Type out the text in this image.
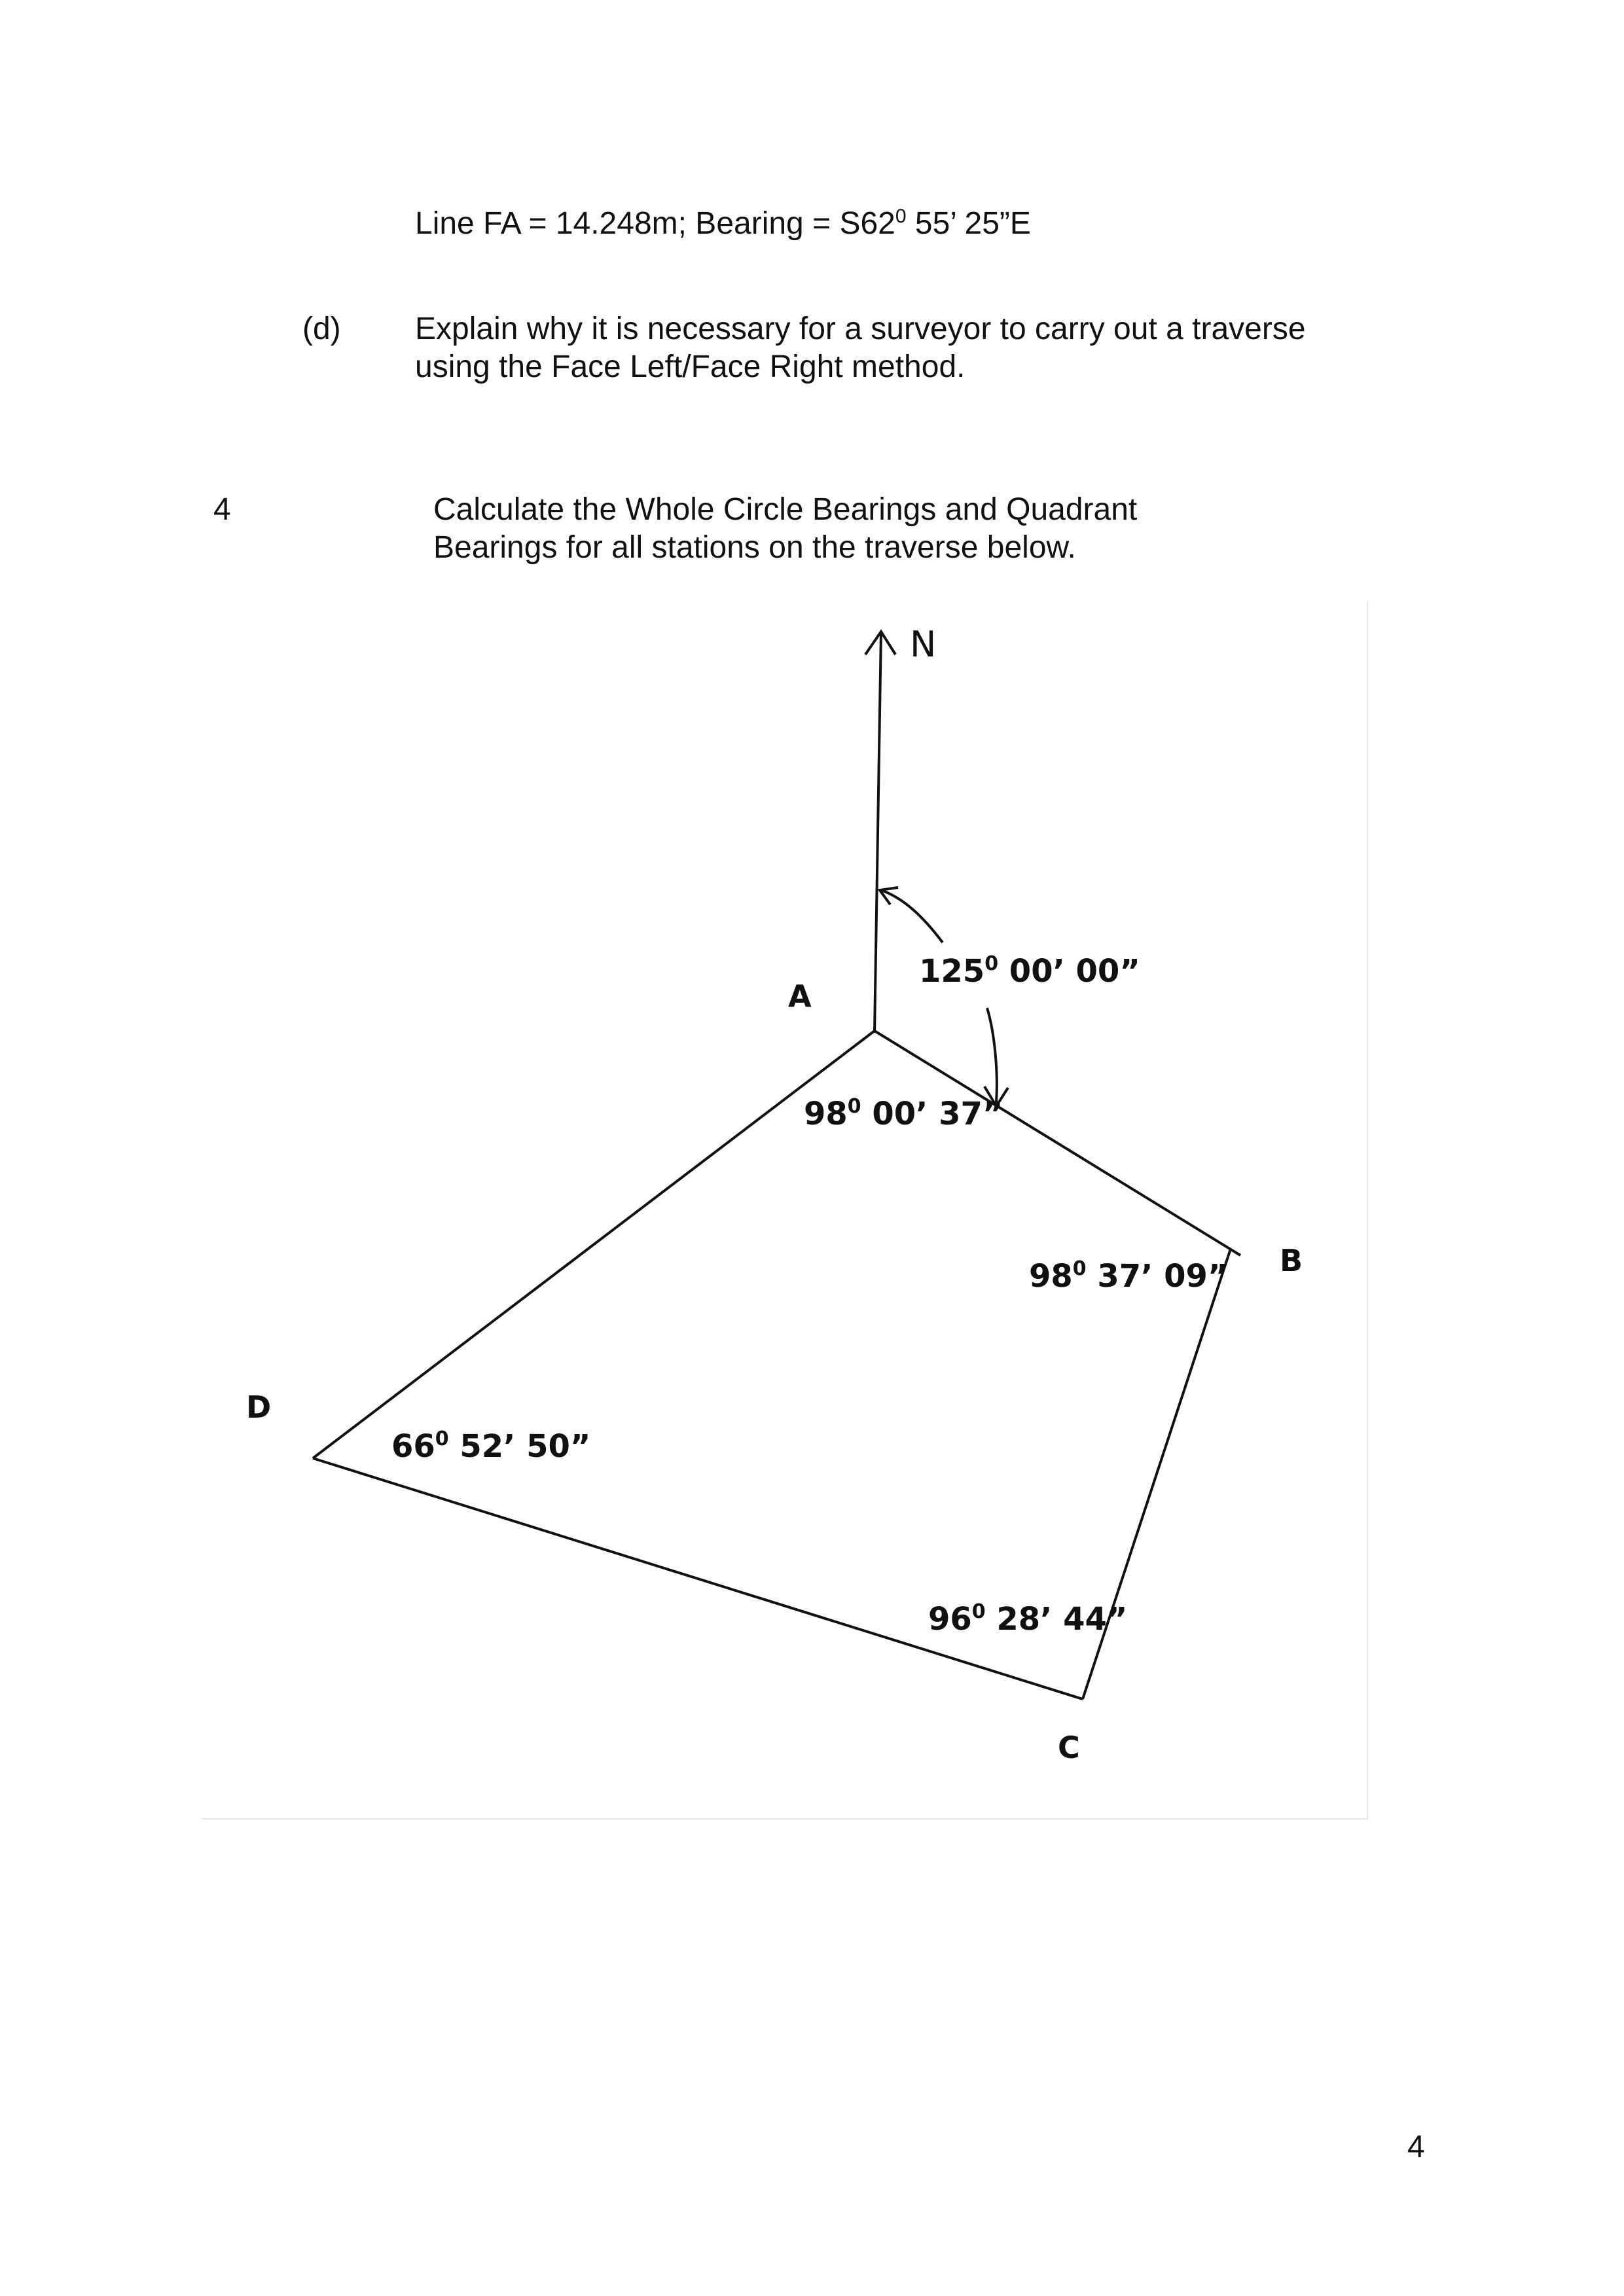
Line FA = 14.248m; Bearing = $S62^0$ 55’ 25”E
(d) Explain why it is necessary for a surveyor to carry out a traverse
using the Face Left/Face Right method.
4	Calculate the Whole Circle Bearings and Quadrant
Bearings for all stations on the traverse below.
N
A
B
C
D
$125^0$ 00’ 00”
$98^0$ 00’ 37”
$98^0$ 37’ 09”
$96^0$ 28’ 44”
$66^0$ 52’ 50”
4
